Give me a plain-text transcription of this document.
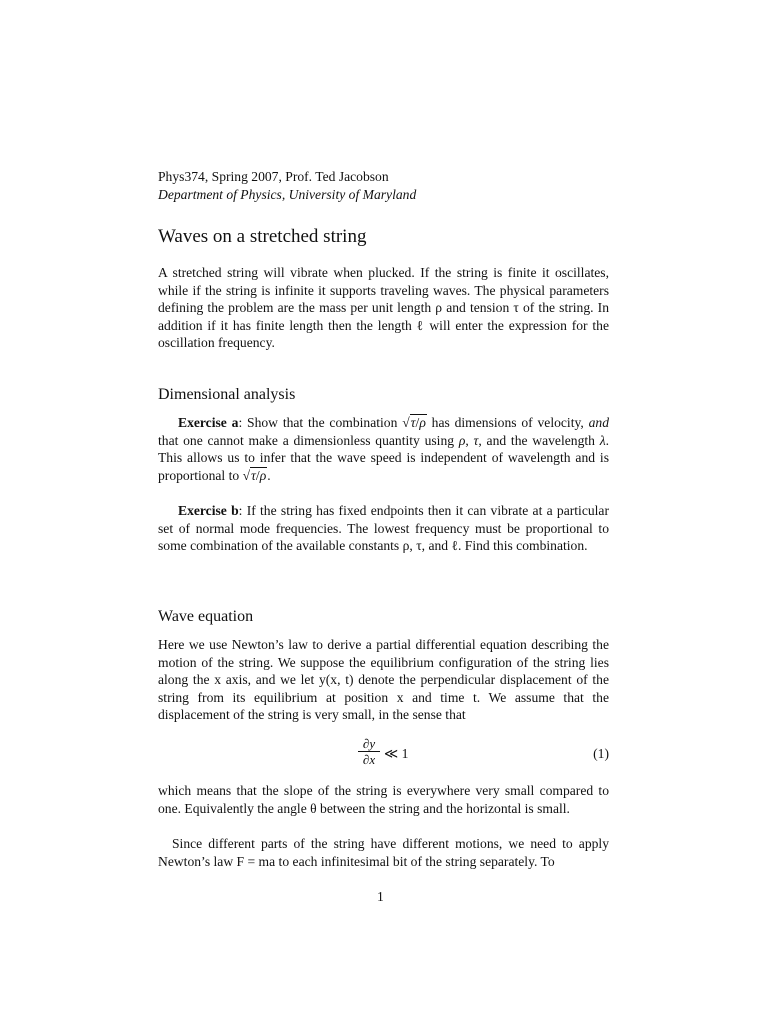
Phys374, Spring 2007, Prof. Ted Jacobson
Department of Physics, University of Maryland
Waves on a stretched string

A stretched string will vibrate when plucked. If the string is finite it oscillates, while if the string is infinite it supports traveling waves. The physical parameters defining the problem are the mass per unit length ρ and tension τ of the string. In addition if it has finite length then the length ℓ will enter the expression for the oscillation frequency.

Dimensional analysis

Exercise a: Show that the combination √τ/ρ has dimensions of velocity, and that one cannot make a dimensionless quantity using ρ, τ, and the wavelength λ. This allows us to infer that the wave speed is independent of wavelength and is proportional to √τ/ρ.

Exercise b: If the string has fixed endpoints then it can vibrate at a particular set of normal mode frequencies. The lowest frequency must be proportional to some combination of the available constants ρ, τ, and ℓ. Find this combination.

Wave equation

Here we use Newton’s law to derive a partial differential equation describing the motion of the string. We suppose the equilibrium configuration of the string lies along the x axis, and we let y(x, t) denote the perpendicular displacement of the string from its equilibrium at position x and time t. We assume that the displacement of the string is very small, in the sense that

$\frac{\partial y}{\partial x}$ ≪ 1	(1)

which means that the slope of the string is everywhere very small compared to one. Equivalently the angle θ between the string and the horizontal is small.

Since different parts of the string have different motions, we need to apply Newton’s law F = ma to each infinitesimal bit of the string separately. To

1
